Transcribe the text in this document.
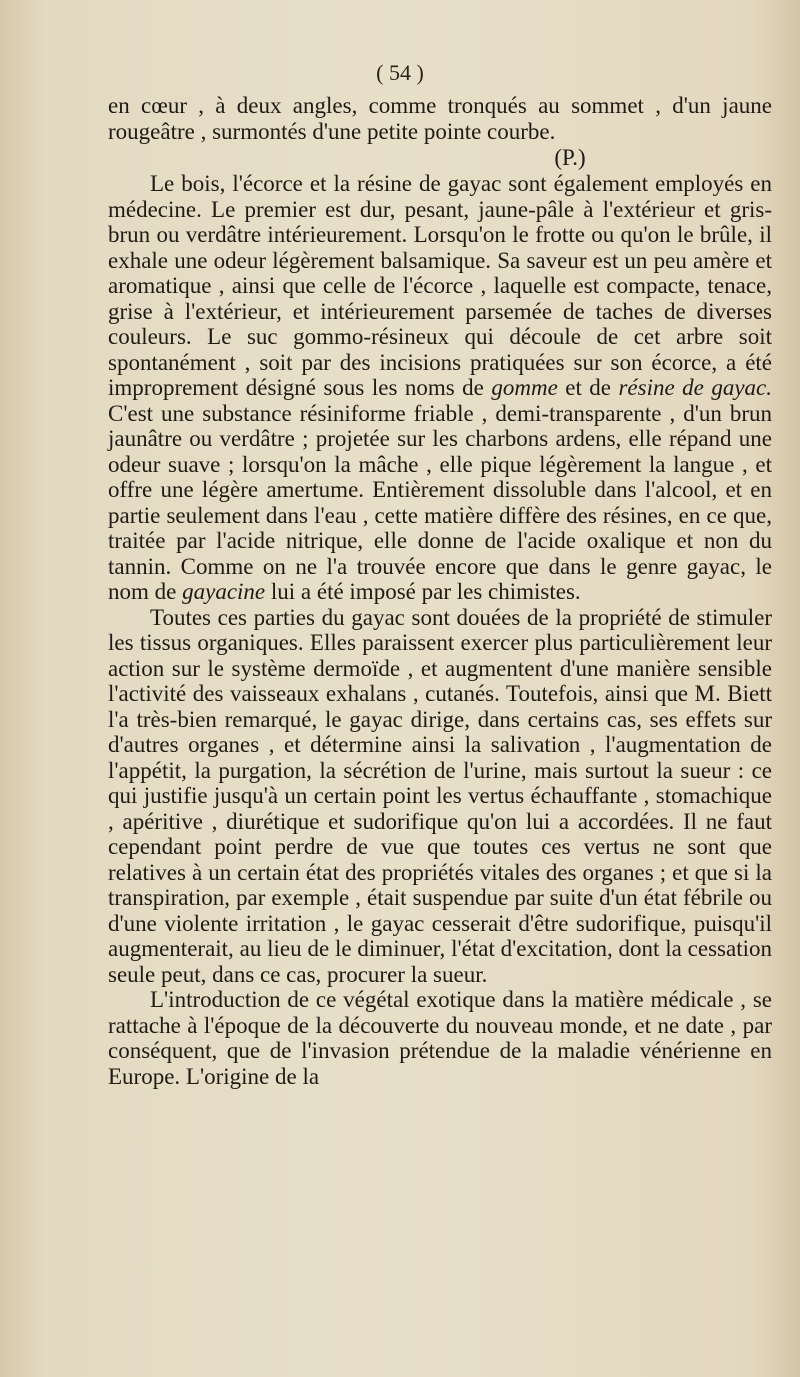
( 54 )

en cœur , à deux angles, comme tronqués au sommet , d'un jaune rougeâtre , surmontés d'une petite pointe courbe.

(P.)

Le bois, l'écorce et la résine de gayac sont également employés en médecine. Le premier est dur, pesant, jaune-pâle à l'extérieur et gris-brun ou verdâtre intérieurement. Lorsqu'on le frotte ou qu'on le brûle, il exhale une odeur légèrement balsamique. Sa saveur est un peu amère et aromatique , ainsi que celle de l'écorce , laquelle est compacte, tenace, grise à l'extérieur, et intérieurement parsemée de taches de diverses couleurs. Le suc gommo-résineux qui découle de cet arbre soit spontanément , soit par des incisions pratiquées sur son écorce, a été improprement désigné sous les noms de gomme et de résine de gayac. C'est une substance résiniforme friable , demi-transparente , d'un brun jaunâtre ou verdâtre ; projetée sur les charbons ardens, elle répand une odeur suave ; lorsqu'on la mâche , elle pique légèrement la langue , et offre une légère amertume. Entièrement dissoluble dans l'alcool, et en partie seulement dans l'eau , cette matière diffère des résines, en ce que, traitée par l'acide nitrique, elle donne de l'acide oxalique et non du tannin. Comme on ne l'a trouvée encore que dans le genre gayac, le nom de gayacine lui a été imposé par les chimistes.

Toutes ces parties du gayac sont douées de la propriété de stimuler les tissus organiques. Elles paraissent exercer plus particulièrement leur action sur le système dermoïde , et augmentent d'une manière sensible l'activité des vaisseaux exhalans , cutanés. Toutefois, ainsi que M. Biett l'a très-bien remarqué, le gayac dirige, dans certains cas, ses effets sur d'autres organes , et détermine ainsi la salivation , l'augmentation de l'appétit, la purgation, la sécrétion de l'urine, mais surtout la sueur : ce qui justifie jusqu'à un certain point les vertus échauffante , stomachique , apéritive , diurétique et sudorifique qu'on lui a accordées. Il ne faut cependant point perdre de vue que toutes ces vertus ne sont que relatives à un certain état des propriétés vitales des organes ; et que si la transpiration, par exemple , était suspendue par suite d'un état fébrile ou d'une violente irritation , le gayac cesserait d'être sudorifique, puisqu'il augmenterait, au lieu de le diminuer, l'état d'excitation, dont la cessation seule peut, dans ce cas, procurer la sueur.

L'introduction de ce végétal exotique dans la matière médicale , se rattache à l'époque de la découverte du nouveau monde, et ne date , par conséquent, que de l'invasion prétendue de la maladie vénérienne en Europe. L'origine de la
